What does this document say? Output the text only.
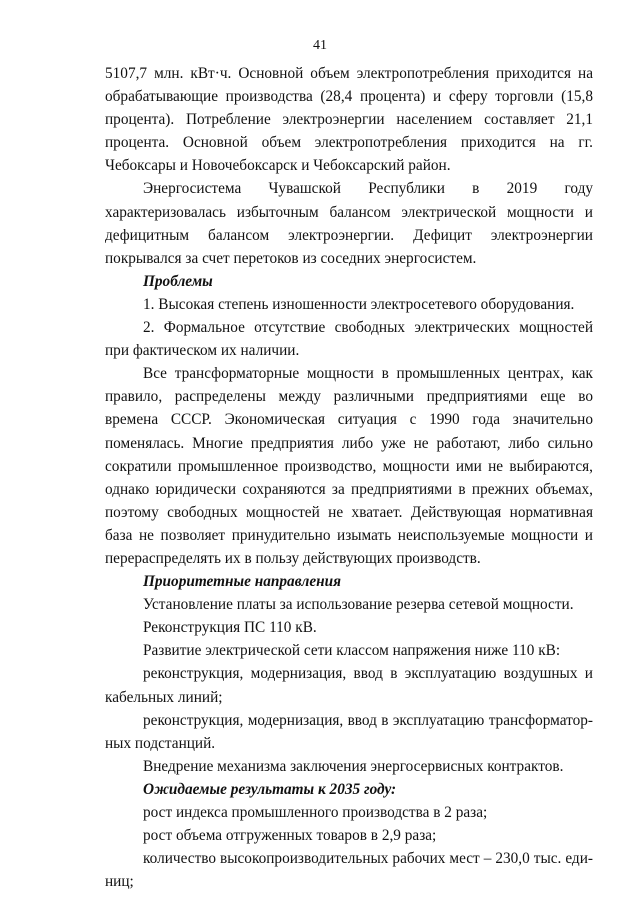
41

5107,7 млн. кВт·ч. Основной объем электропотребления приходится на обрабатывающие производства (28,4 процента) и сферу торговли (15,8 процента). Потребление электроэнергии населением составляет 21,1 процента. Основной объем электропотребления приходится на гг. Чебоксары и Новочебоксарск и Чебоксарский район.

Энергосистема Чувашской Республики в 2019 году характеризовалась избыточным балансом электрической мощности и дефицитным балансом электроэнергии. Дефицит электроэнергии покрывался за счет перетоков из соседних энергосистем.

Проблемы

1. Высокая степень изношенности электросетевого оборудования.

2. Формальное отсутствие свободных электрических мощностей при фактическом их наличии.

Все трансформаторные мощности в промышленных центрах, как правило, распределены между различными предприятиями еще во времена СССР. Экономическая ситуация с 1990 года значительно поменялась. Многие предприятия либо уже не работают, либо сильно сократили промышленное производство, мощности ими не выбираются, однако юридически сохраняются за предприятиями в прежних объемах, поэтому свободных мощностей не хватает. Действующая нормативная база не позволяет принудительно изымать неиспользуемые мощности и перераспределять их в пользу действующих производств.

Приоритетные направления

Установление платы за использование резерва сетевой мощности.

Реконструкция ПС 110 кВ.

Развитие электрической сети классом напряжения ниже 110 кВ:

реконструкция, модернизация, ввод в эксплуатацию воздушных и кабельных линий;

реконструкция, модернизация, ввод в эксплуатацию трансформаторных подстанций.

Внедрение механизма заключения энергосервисных контрактов.

Ожидаемые результаты к 2035 году:

рост индекса промышленного производства в 2 раза;

рост объема отгруженных товаров в 2,9 раза;

количество высокопроизводительных рабочих мест – 230,0 тыс. единиц;
